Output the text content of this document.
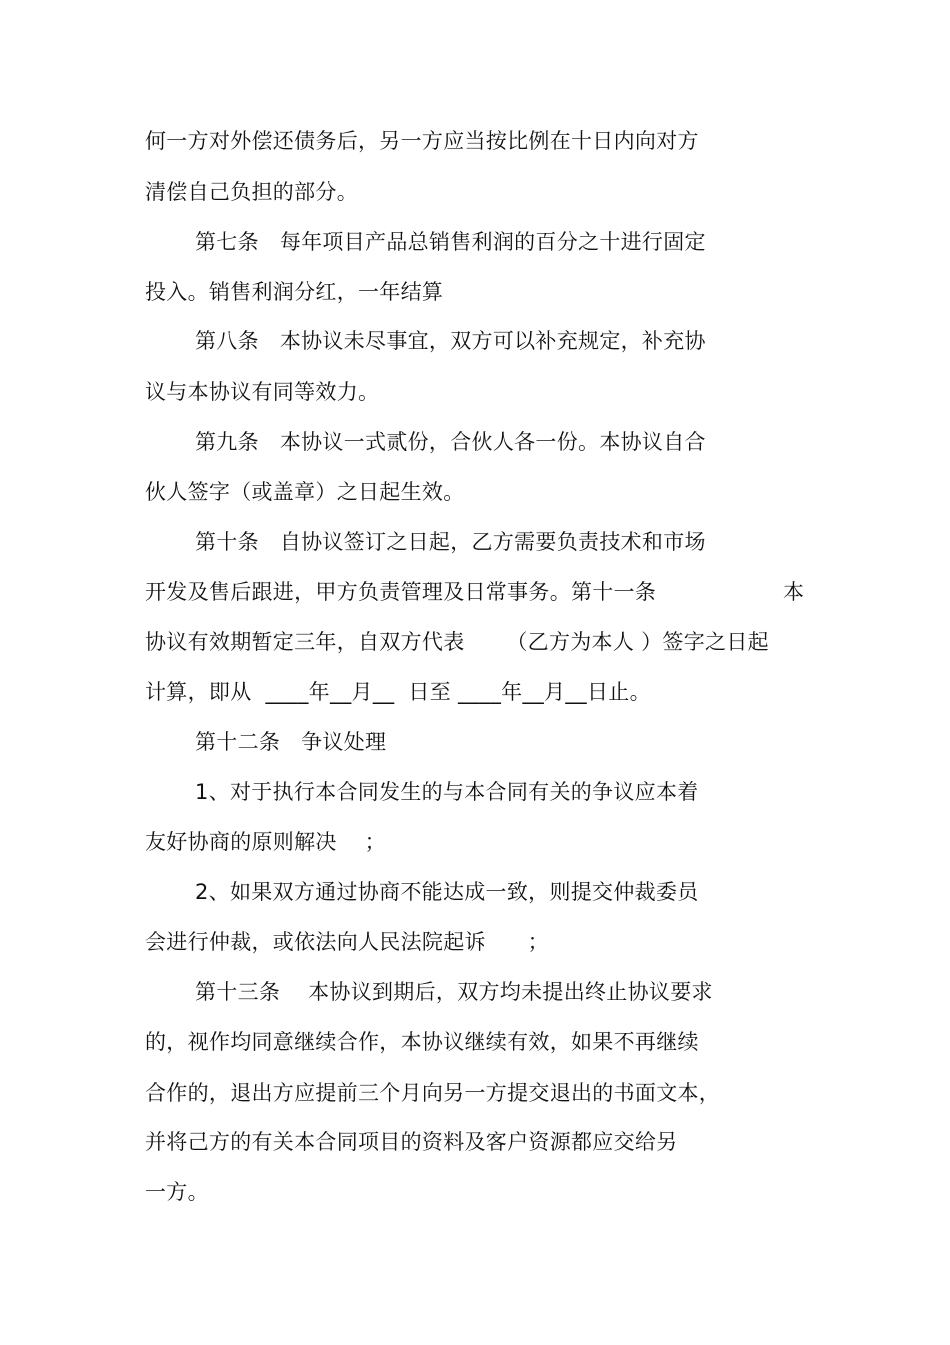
何一方对外偿还债务后，另一方应当按比例在十日内向对方
清偿自己负担的部分。
第七条   每年项目产品总销售利润的百分之十进行固定
投入。销售利润分红，一年结算
第八条   本协议未尽事宜，双方可以补充规定，补充协
议与本协议有同等效力。
第九条   本协议一式贰份，合伙人各一份。本协议自合
伙人签字（或盖章）之日起生效。
第十条   自协议签订之日起，乙方需要负责技术和市场
开发及售后跟进，甲方负责管理及日常事务。第十一条	本
协议有效期暂定三年，自双方代表      （乙方为本人 ）签字之日起
计算，即从  ____年__月__  日至 ____年__月__日止。
第十二条   争议处理
1、对于执行本合同发生的与本合同有关的争议应本着
友好协商的原则解决    ；
2、如果双方通过协商不能达成一致，则提交仲裁委员
会进行仲裁，或依法向人民法院起诉      ；
第十三条    本协议到期后，双方均未提出终止协议要求
的，视作均同意继续合作，本协议继续有效，如果不再继续
合作的，退出方应提前三个月向另一方提交退出的书面文本，
并将己方的有关本合同项目的资料及客户资源都应交给另
一方。
